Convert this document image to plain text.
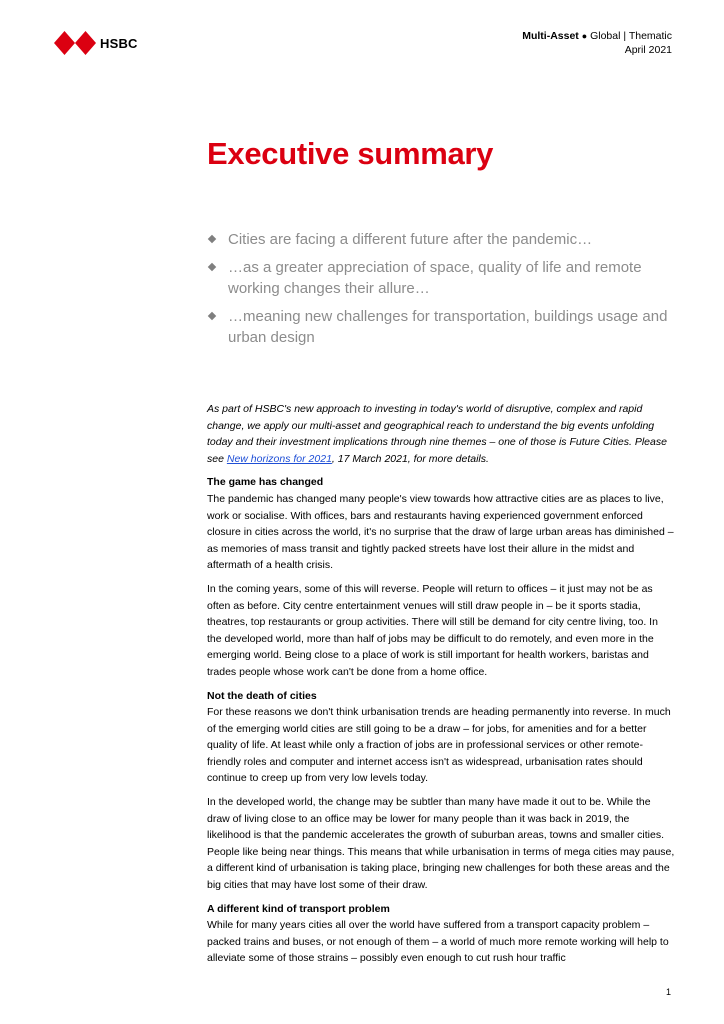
HSBC	Multi-Asset ● Global | Thematic
April 2021
Executive summary
Cities are facing a different future after the pandemic…
…as a greater appreciation of space, quality of life and remote working changes their allure…
…meaning new challenges for transportation, buildings usage and urban design

As part of HSBC's new approach to investing in today's world of disruptive, complex and rapid change, we apply our multi-asset and geographical reach to understand the big events unfolding today and their investment implications through nine themes – one of those is Future Cities. Please see New horizons for 2021, 17 March 2021, for more details.

The game has changed

The pandemic has changed many people's view towards how attractive cities are as places to live, work or socialise. With offices, bars and restaurants having experienced government enforced closure in cities across the world, it's no surprise that the draw of large urban areas has diminished – as memories of mass transit and tightly packed streets have lost their allure in the midst and aftermath of a health crisis.

In the coming years, some of this will reverse. People will return to offices – it just may not be as often as before. City centre entertainment venues will still draw people in – be it sports stadia, theatres, top restaurants or group activities. There will still be demand for city centre living, too. In the developed world, more than half of jobs may be difficult to do remotely, and even more in the emerging world. Being close to a place of work is still important for health workers, baristas and trades people whose work can't be done from a home office.

Not the death of cities

For these reasons we don't think urbanisation trends are heading permanently into reverse. In much of the emerging world cities are still going to be a draw – for jobs, for amenities and for a better quality of life. At least while only a fraction of jobs are in professional services or other remote-friendly roles and computer and internet access isn't as widespread, urbanisation rates should continue to creep up from very low levels today.

In the developed world, the change may be subtler than many have made it out to be. While the draw of living close to an office may be lower for many people than it was back in 2019, the likelihood is that the pandemic accelerates the growth of suburban areas, towns and smaller cities. People like being near things. This means that while urbanisation in terms of mega cities may pause, a different kind of urbanisation is taking place, bringing new challenges for both these areas and the big cities that may have lost some of their draw.

A different kind of transport problem

While for many years cities all over the world have suffered from a transport capacity problem – packed trains and buses, or not enough of them – a world of much more remote working will help to alleviate some of those strains – possibly even enough to cut rush hour traffic

1
